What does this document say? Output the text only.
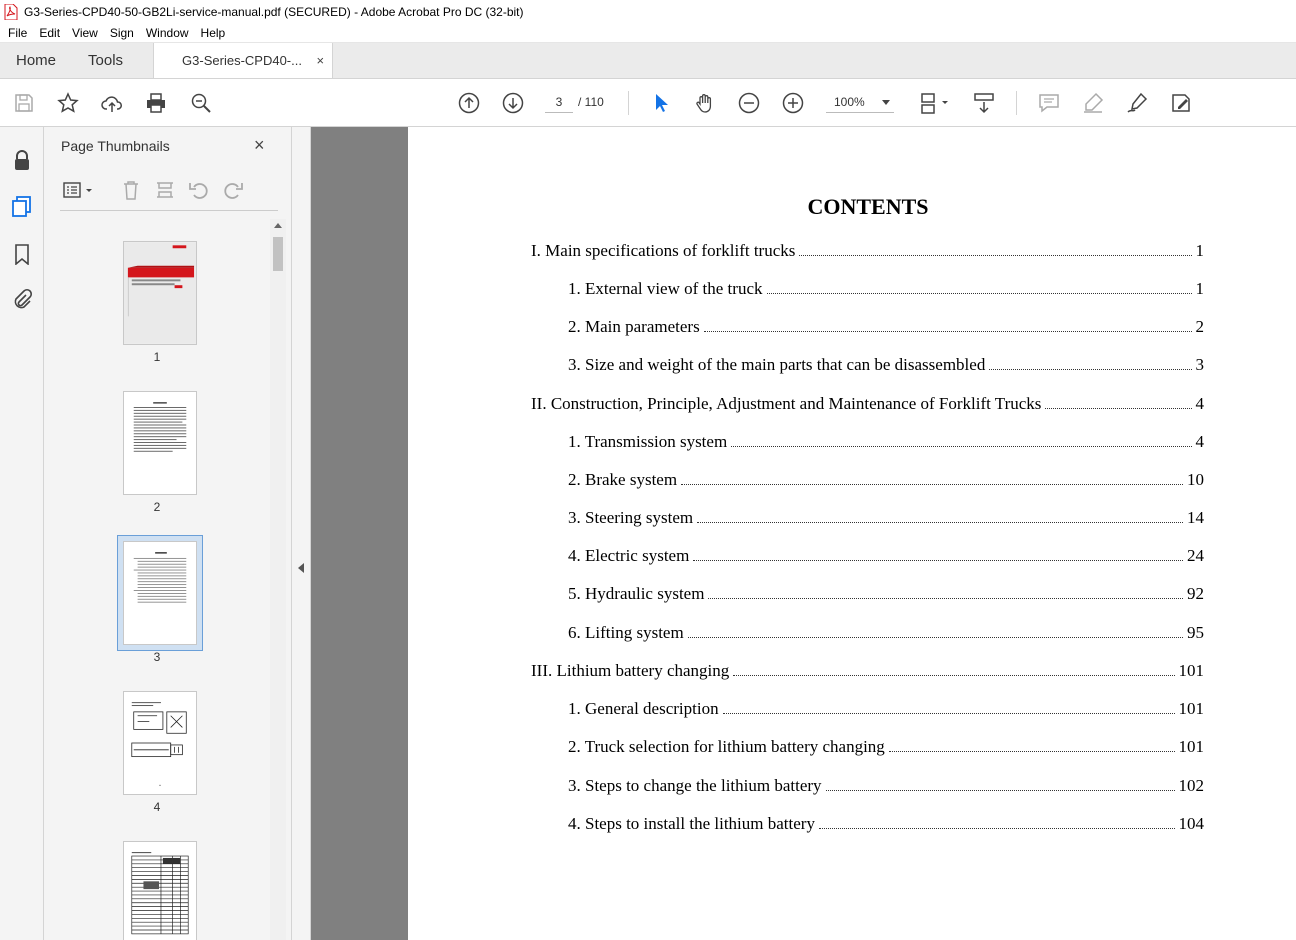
G3-Series-CPD40-50-GB2Li-service-manual.pdf (SECURED) - Adobe Acrobat Pro DC (32-bit)
File	Edit	View	Sign	Window	Help
Home	Tools	G3-Series-CPD40-... ×
3	/ 110	100%
Page Thumbnails	×
1
2
3
4
CONTENTS
I. Main specifications of forklift trucks	1
1. External view of the truck	1
2. Main parameters	2
3. Size and weight of the main parts that can be disassembled	3
II. Construction, Principle, Adjustment and Maintenance of Forklift Trucks	4
1. Transmission system	4
2. Brake system	10
3. Steering system	14
4. Electric system	24
5. Hydraulic system	92
6. Lifting system	95
III. Lithium battery changing	101
1. General description	101
2. Truck selection for lithium battery changing	101
3. Steps to change the lithium battery	102
4. Steps to install the lithium battery	104
